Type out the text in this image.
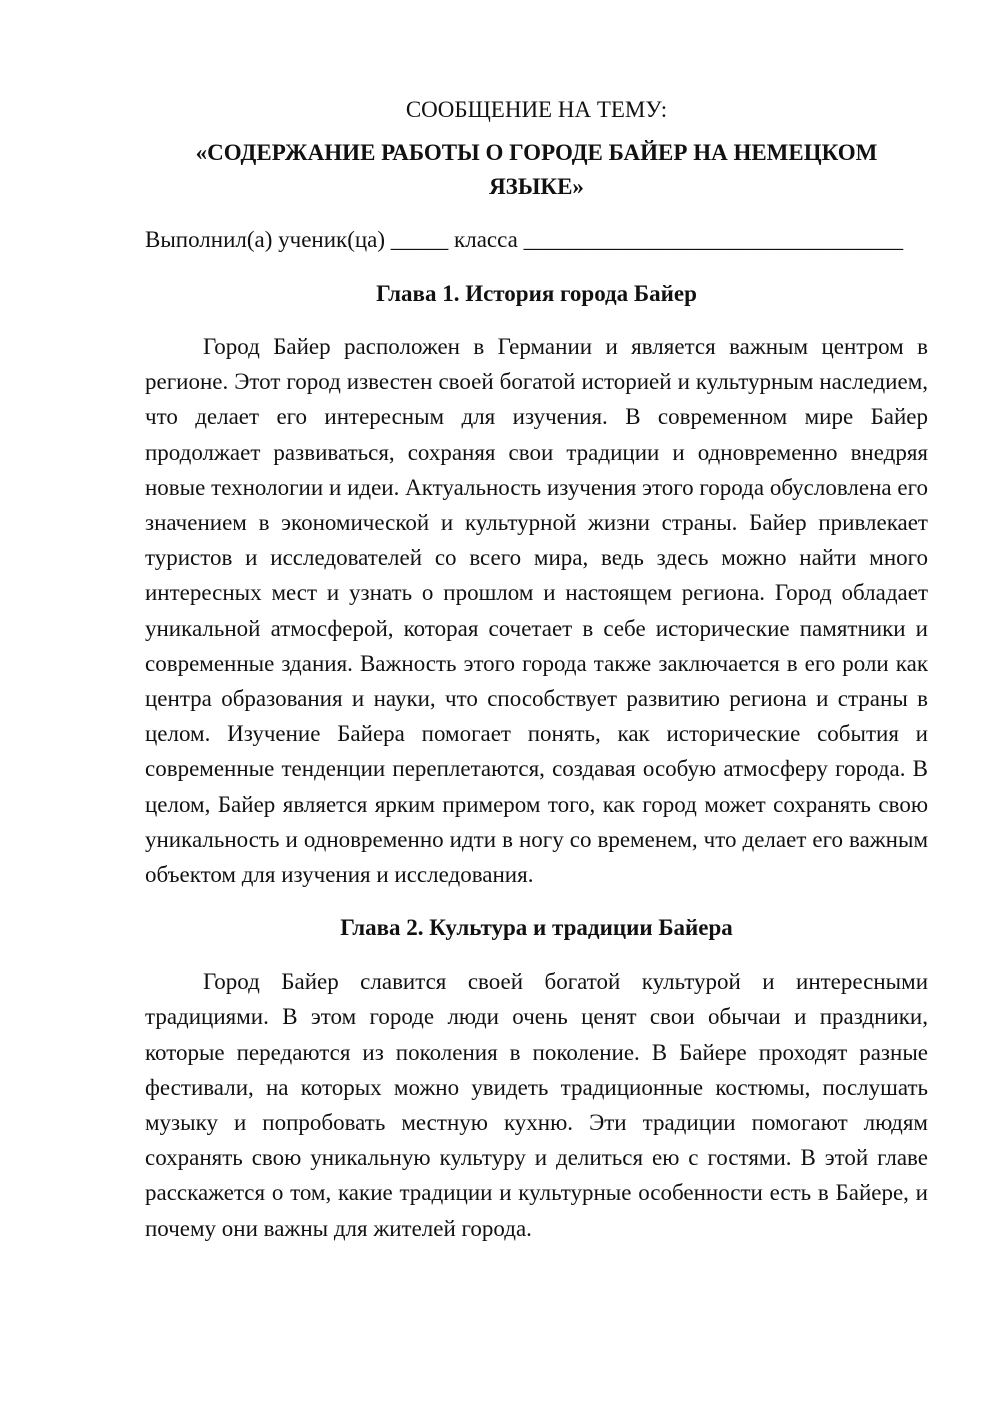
СООБЩЕНИЕ НА ТЕМУ:
«СОДЕРЖАНИЕ РАБОТЫ О ГОРОДЕ БАЙЕР НА НЕМЕЦКОМ ЯЗЫКЕ»
Выполнил(а) ученик(ца) _____ класса _________________________________
Глава 1. История города Байер

Город Байер расположен в Германии и является важным центром в регионе. Этот город известен своей богатой историей и культурным наследием, что делает его интересным для изучения. В современном мире Байер продолжает развиваться, сохраняя свои традиции и одновременно внедряя новые технологии и идеи. Актуальность изучения этого города обусловлена его значением в экономической и культурной жизни страны. Байер привлекает туристов и исследователей со всего мира, ведь здесь можно найти много интересных мест и узнать о прошлом и настоящем региона. Город обладает уникальной атмосферой, которая сочетает в себе исторические памятники и современные здания. Важность этого города также заключается в его роли как центра образования и науки, что способствует развитию региона и страны в целом. Изучение Байера помогает понять, как исторические события и современные тенденции переплетаются, создавая особую атмосферу города. В целом, Байер является ярким примером того, как город может сохранять свою уникальность и одновременно идти в ногу со временем, что делает его важным объектом для изучения и исследования.

Глава 2. Культура и традиции Байера

Город Байер славится своей богатой культурой и интересными традициями. В этом городе люди очень ценят свои обычаи и праздники, которые передаются из поколения в поколение. В Байере проходят разные фестивали, на которых можно увидеть традиционные костюмы, послушать музыку и попробовать местную кухню. Эти традиции помогают людям сохранять свою уникальную культуру и делиться ею с гостями. В этой главе расскажется о том, какие традиции и культурные особенности есть в Байере, и почему они важны для жителей города.
